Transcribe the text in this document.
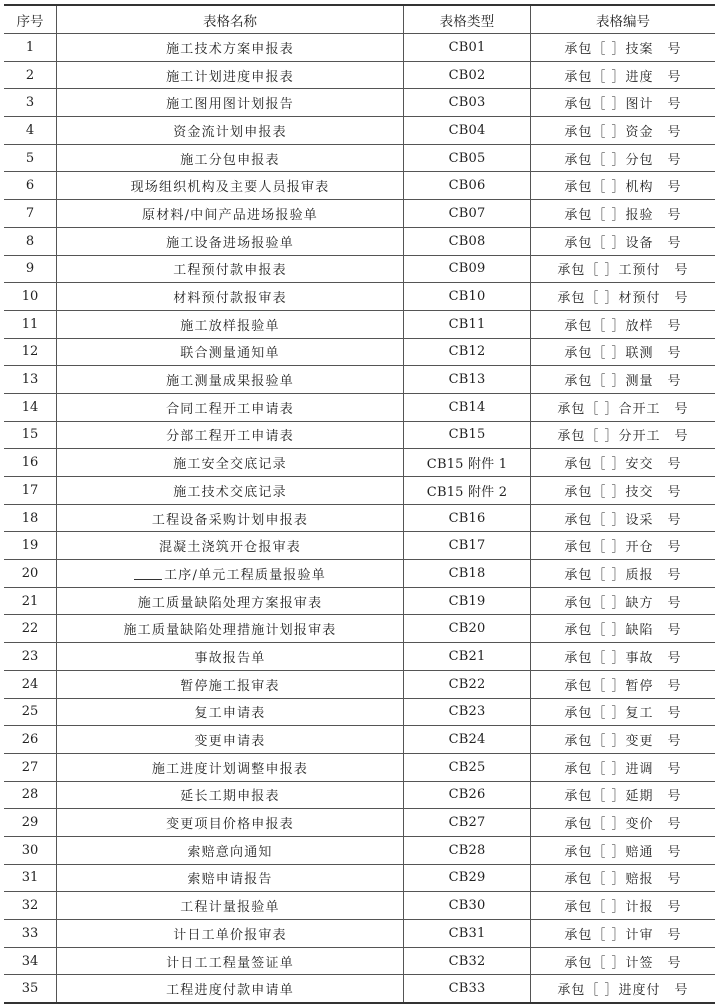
序号	表格名称	表格类型	表格编号
1	施工技术方案申报表	CB01	承包［ ］技案　号
2	施工计划进度申报表	CB02	承包［ ］进度　号
3	施工图用图计划报告	CB03	承包［ ］图计　号
4	资金流计划申报表	CB04	承包［ ］资金　号
5	施工分包申报表	CB05	承包［ ］分包　号
6	现场组织机构及主要人员报审表	CB06	承包［ ］机构　号
7	原材料/中间产品进场报验单	CB07	承包［ ］报验　号
8	施工设备进场报验单	CB08	承包［ ］设备　号
9	工程预付款申报表	CB09	承包［ ］工预付　号
10	材料预付款报审表	CB10	承包［ ］材预付　号
11	施工放样报验单	CB11	承包［ ］放样　号
12	联合测量通知单	CB12	承包［ ］联测　号
13	施工测量成果报验单	CB13	承包［ ］测量　号
14	合同工程开工申请表	CB14	承包［ ］合开工　号
15	分部工程开工申请表	CB15	承包［ ］分开工　号
16	施工安全交底记录	CB15 附件 1	承包［ ］安交　号
17	施工技术交底记录	CB15 附件 2	承包［ ］技交　号
18	工程设备采购计划申报表	CB16	承包［ ］设采　号
19	混凝土浇筑开仓报审表	CB17	承包［ ］开仓　号
20	工序/单元工程质量报验单	CB18	承包［ ］质报　号
21	施工质量缺陷处理方案报审表	CB19	承包［ ］缺方　号
22	施工质量缺陷处理措施计划报审表	CB20	承包［ ］缺陷　号
23	事故报告单	CB21	承包［ ］事故　号
24	暂停施工报审表	CB22	承包［ ］暂停　号
25	复工申请表	CB23	承包［ ］复工　号
26	变更申请表	CB24	承包［ ］变更　号
27	施工进度计划调整申报表	CB25	承包［ ］进调　号
28	延长工期申报表	CB26	承包［ ］延期　号
29	变更项目价格申报表	CB27	承包［ ］变价　号
30	索赔意向通知	CB28	承包［ ］赔通　号
31	索赔申请报告	CB29	承包［ ］赔报　号
32	工程计量报验单	CB30	承包［ ］计报　号
33	计日工单价报审表	CB31	承包［ ］计审　号
34	计日工工程量签证单	CB32	承包［ ］计签　号
35	工程进度付款申请单	CB33	承包［ ］进度付　号
